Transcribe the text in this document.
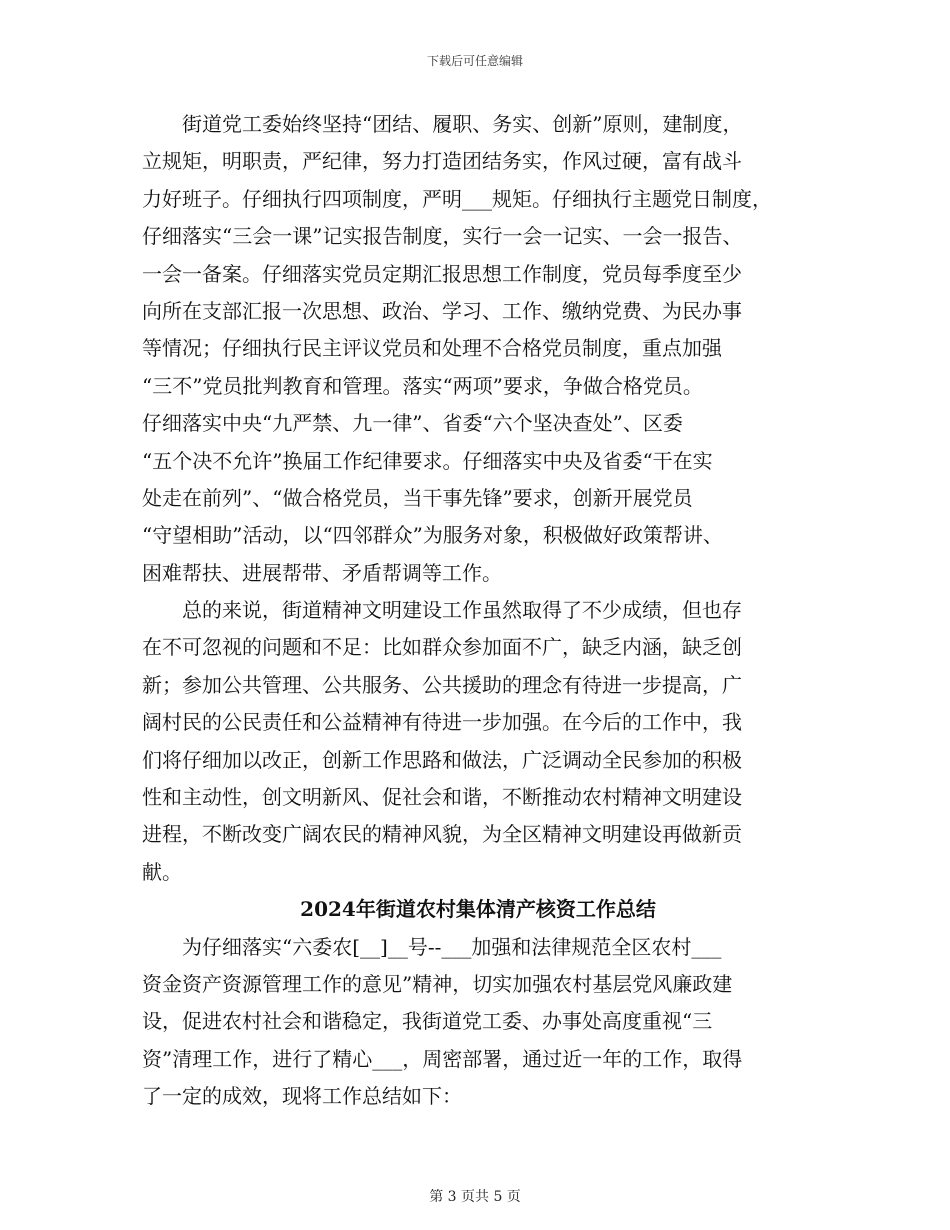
下载后可任意编辑

　　街道党工委始终坚持“团结、履职、务实、创新”原则，建制度，
立规矩，明职责，严纪律，努力打造团结务实，作风过硬，富有战斗
力好班子。仔细执行四项制度，严明___规矩。仔细执行主题党日制度，
仔细落实“三会一课”记实报告制度，实行一会一记实、一会一报告、
一会一备案。仔细落实党员定期汇报思想工作制度，党员每季度至少
向所在支部汇报一次思想、政治、学习、工作、缴纳党费、为民办事
等情况；仔细执行民主评议党员和处理不合格党员制度，重点加强
“三不”党员批判教育和管理。落实“两项”要求，争做合格党员。
仔细落实中央“九严禁、九一律”、省委“六个坚决查处”、区委
“五个决不允许”换届工作纪律要求。仔细落实中央及省委“干在实
处走在前列”、“做合格党员，当干事先锋”要求，创新开展党员
“守望相助”活动，以“四邻群众”为服务对象，积极做好政策帮讲、
困难帮扶、进展帮带、矛盾帮调等工作。

　　总的来说，街道精神文明建设工作虽然取得了不少成绩，但也存
在不可忽视的问题和不足：比如群众参加面不广，缺乏内涵，缺乏创
新；参加公共管理、公共服务、公共援助的理念有待进一步提高，广
阔村民的公民责任和公益精神有待进一步加强。在今后的工作中，我
们将仔细加以改正，创新工作思路和做法，广泛调动全民参加的积极
性和主动性，创文明新风、促社会和谐，不断推动农村精神文明建设
进程，不断改变广阔农民的精神风貌，为全区精神文明建设再做新贡
献。

2024年街道农村集体清产核资工作总结

　　为仔细落实“六委农[__]__号--___加强和法律规范全区农村___
资金资产资源管理工作的意见”精神，切实加强农村基层党风廉政建
设，促进农村社会和谐稳定，我街道党工委、办事处高度重视“三
资”清理工作，进行了精心___，周密部署，通过近一年的工作，取得
了一定的成效，现将工作总结如下：

第 3 页共 5 页
